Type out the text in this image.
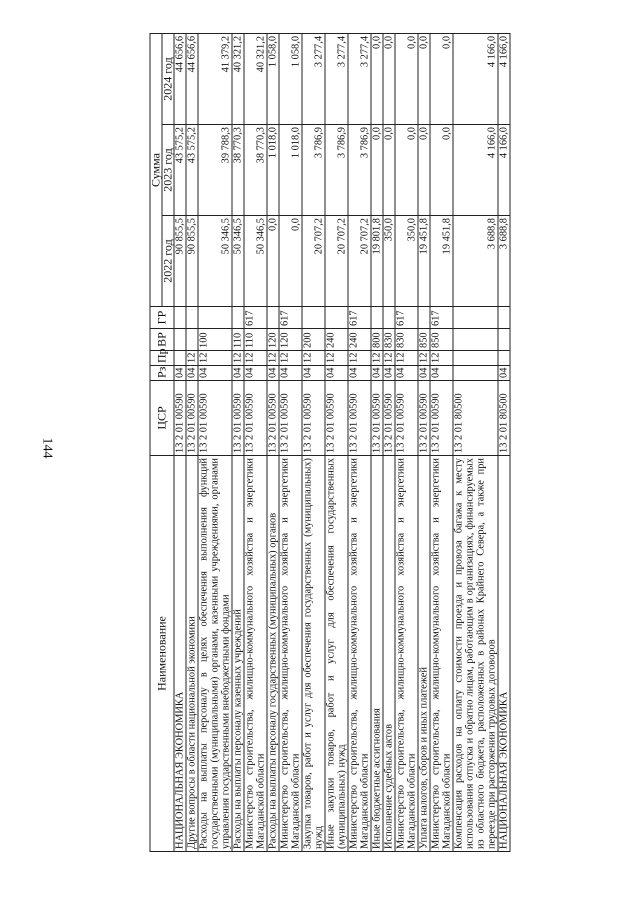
144
Наименование	ЦСР	Рз	Пр	ВР	ГР	Сумма		
						2022 год	2023 год	2024 год
НАЦИОНАЛЬНАЯ ЭКОНОМИКА	13 2 01 00590	04				90 855,5	43 575,2	44 656,6
Другие вопросы в области национальной экономики	13 2 01 00590	04	12			90 855,5	43 575,2	44 656,6
Расходы на выплаты персоналу в целях обеспечения выполнения функций государственными (муниципальными) органами, казенными учреждениями, органами управления государственными внебюджетными фондами	13 2 01 00590	04	12	100		50 346,5	39 788,3	41 379,2
Расходы на выплаты персоналу казенных учреждений	13 2 01 00590	04	12	110		50 346,5	38 770,3	40 321,2
Министерство строительства, жилищно-коммунального хозяйства и энергетики Магаданской области	13 2 01 00590	04	12	110	617	50 346,5	38 770,3	40 321,2
Расходы на выплаты персоналу государственных (муниципальных) органов	13 2 01 00590	04	12	120		0,0	1 018,0	1 058,0
Министерство строительства, жилищно-коммунального хозяйства и энергетики Магаданской области	13 2 01 00590	04	12	120	617	0,0	1 018,0	1 058,0
Закупка товаров, работ и услуг для обеспечения государственных (муниципальных) нужд	13 2 01 00590	04	12	200		20 707,2	3 786,9	3 277,4
Иные закупки товаров, работ и услуг для обеспечения государственных (муниципальных) нужд	13 2 01 00590	04	12	240		20 707,2	3 786,9	3 277,4
Министерство строительства, жилищно-коммунального хозяйства и энергетики Магаданской области	13 2 01 00590	04	12	240	617	20 707,2	3 786,9	3 277,4
Иные бюджетные ассигнования	13 2 01 00590	04	12	800		19 801,8	0,0	0,0
Исполнение судебных актов	13 2 01 00590	04	12	830		350,0	0,0	0,0
Министерство строительства, жилищно-коммунального хозяйства и энергетики Магаданской области	13 2 01 00590	04	12	830	617	350,0	0,0	0,0
Уплата налогов, сборов и иных платежей	13 2 01 00590	04	12	850		19 451,8	0,0	0,0
Министерство строительства, жилищно-коммунального хозяйства и энергетики Магаданской области	13 2 01 00590	04	12	850	617	19 451,8	0,0	0,0
Компенсация расходов на оплату стоимости проезда и провоза багажа к месту использования отпуска и обратно лицам, работающим в организациях, финансируемых из областного бюджета, расположенных в районах Крайнего Севера, а также при переезде при расторжении трудовых договоров	13 2 01 80500					3 688,8	4 166,0	4 166,0
НАЦИОНАЛЬНАЯ ЭКОНОМИКА	13 2 01 80500	04				3 688,8	4 166,0	4 166,0
